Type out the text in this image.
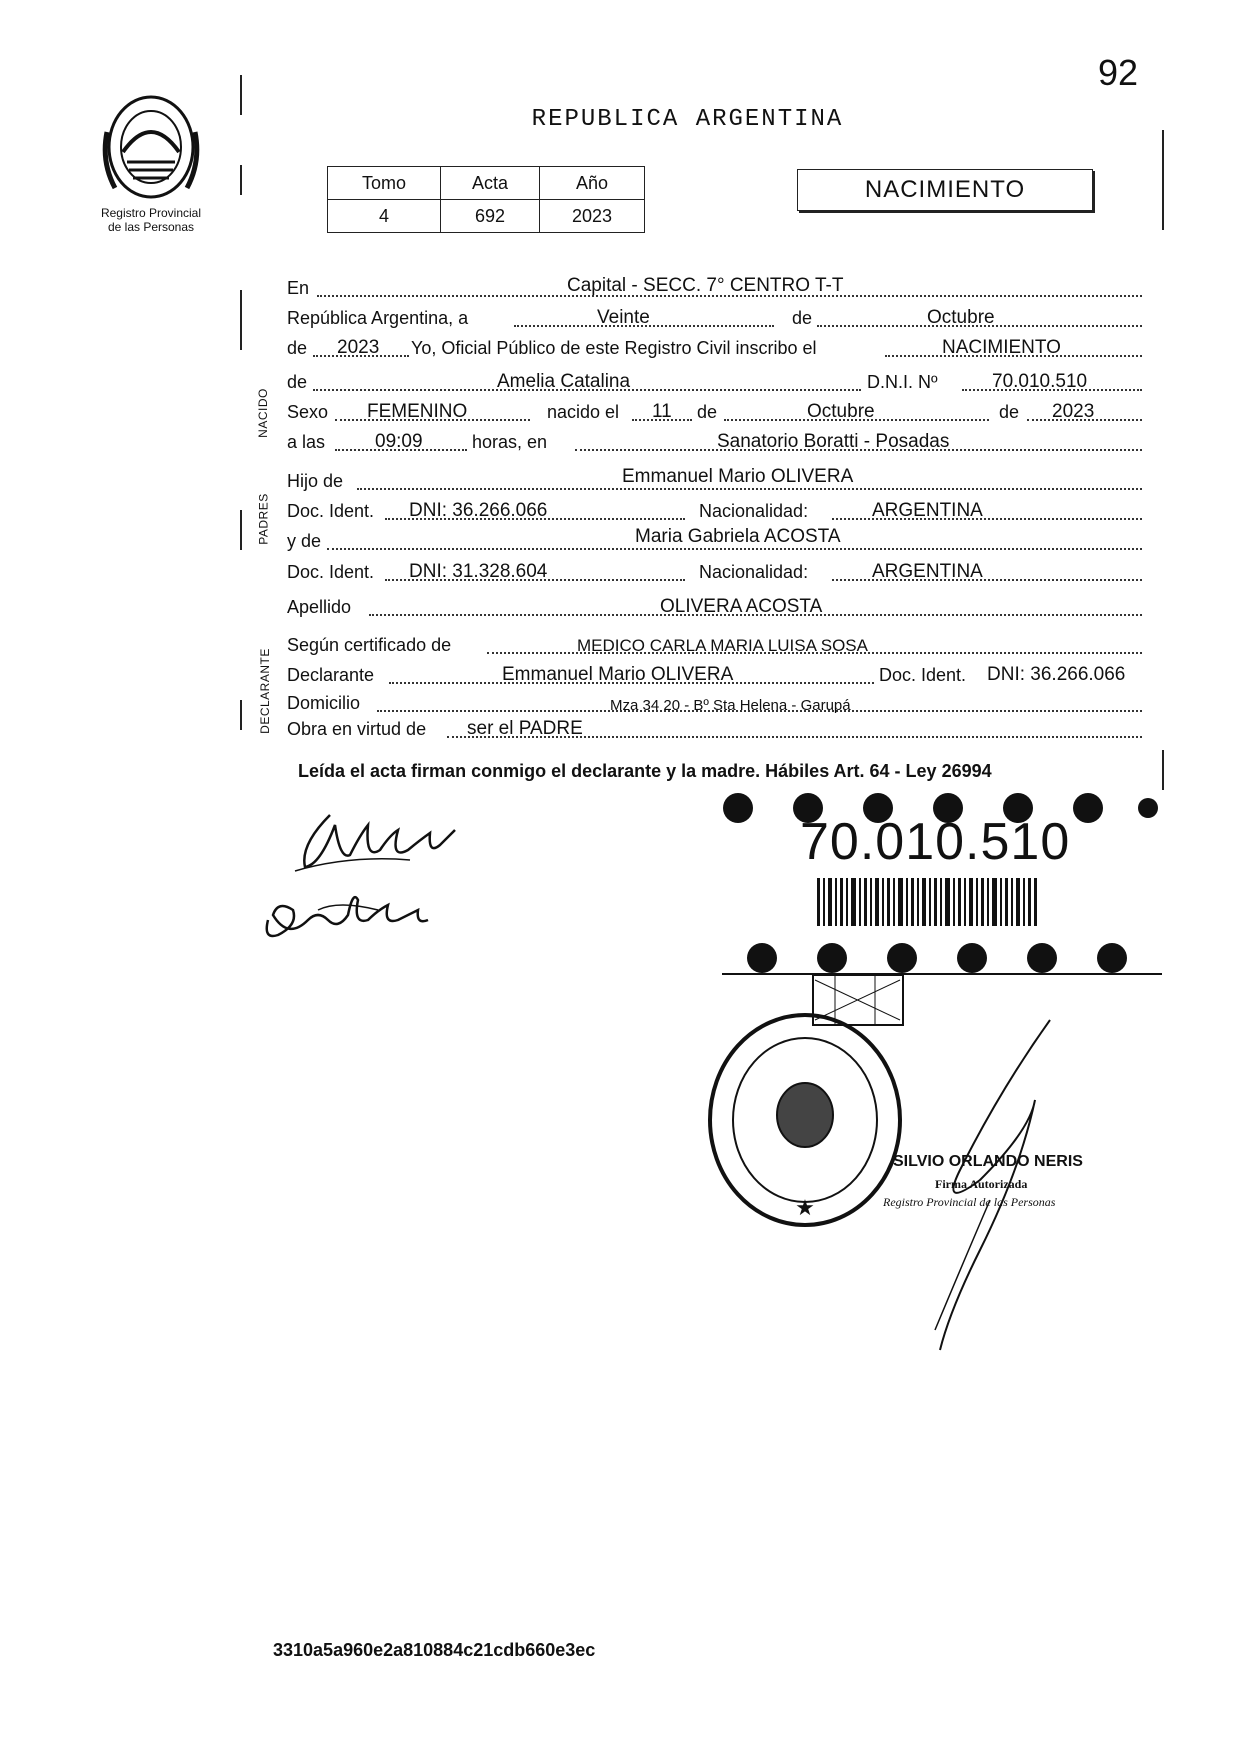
92
Registro Provincial
de las Personas
REPUBLICA ARGENTINA
Tomo	Acta	Año
4	692	2023
NACIMIENTO
NACIDO
PADRES
DECLARANTE
En	Capital - SECC. 7° CENTRO T-T
República Argentina, a	Veinte	de	Octubre
de 2023 Yo, Oficial Público de este Registro Civil inscribo el	NACIMIENTO
de	Amelia Catalina	D.N.I. Nº	70.010.510
Sexo FEMENINO	nacido el 11 de	Octubre	de 2023
a las	09:09	horas, en	Sanatorio Boratti - Posadas
Hijo de	Emmanuel Mario OLIVERA
Doc. Ident. DNI: 36.266.066	Nacionalidad:	ARGENTINA
y de	Maria Gabriela ACOSTA
Doc. Ident. DNI: 31.328.604	Nacionalidad:	ARGENTINA
Apellido	OLIVERA ACOSTA
Según certificado de	MEDICO CARLA MARIA LUISA SOSA
Declarante	Emmanuel Mario OLIVERA	Doc. Ident. DNI: 36.266.066
Domicilio	Mza 34 20 - Bº Sta Helena - Garupá
Obra en virtud de ser el PADRE
Leída el acta firman conmigo el declarante y la madre. Hábiles Art. 64 - Ley 26994
70.010.510
★
SILVIO ORLANDO NERIS
Firma Autorizada
Registro Provincial de las Personas
3310a5a960e2a810884c21cdb660e3ec
